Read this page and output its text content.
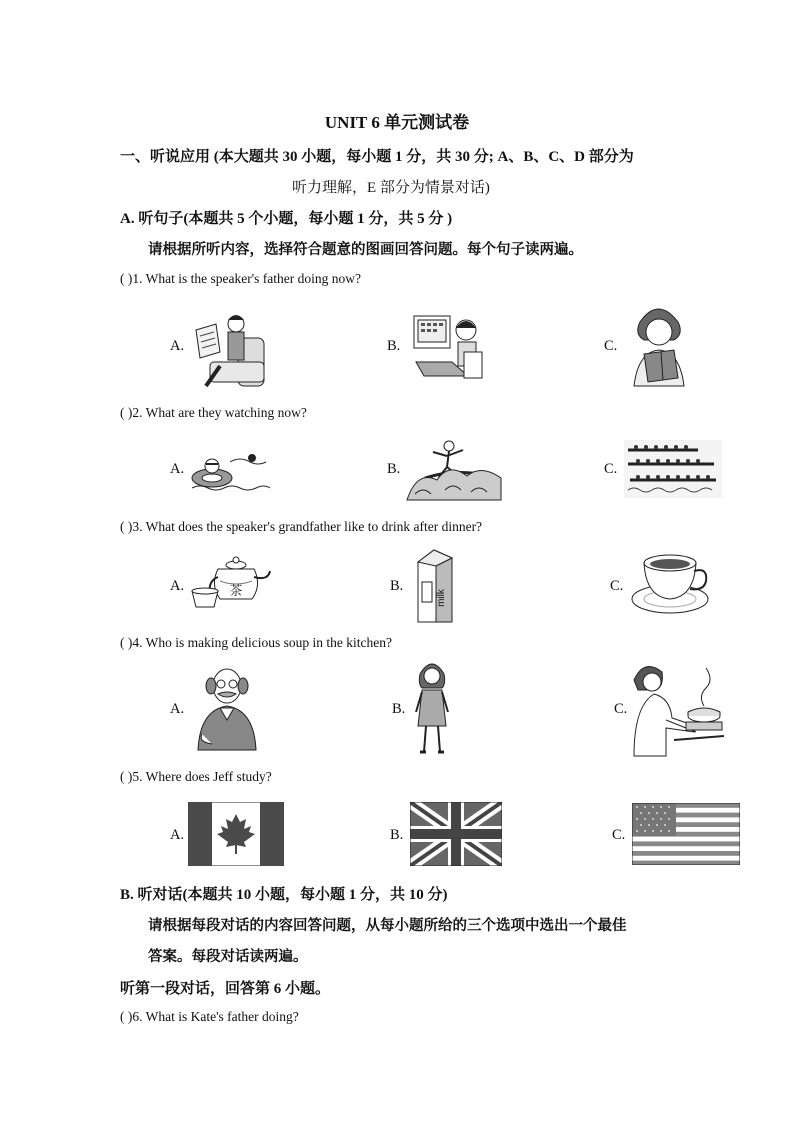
UNIT 6 单元测试卷
一、听说应用 (本大题共 30 小题，每小题 1 分，共 30 分; A、B、C、D 部分为
听力理解，E 部分为情景对话)
A. 听句子(本题共 5 个小题，每小题 1 分，共 5 分 )
请根据所听内容，选择符合题意的图画回答问题。每个句子读两遍。
( )1. What is the speaker's father doing now?
A.	B.	C.
( )2. What are they watching now?
A.	B.	C.
( )3. What does the speaker's grandfather like to drink after dinner?
A.	B.	C.
茶	milk
( )4. Who is making delicious soup in the kitchen?
A.	B.	C.
( )5. Where does Jeff study?
A.	B.	C.
B. 听对话(本题共 10 小题，每小题 1 分，共 10 分)
请根据每段对话的内容回答问题，从每小题所给的三个选项中选出一个最佳
答案。每段对话读两遍。
听第一段对话，回答第 6 小题。
( )6. What is Kate's father doing?
